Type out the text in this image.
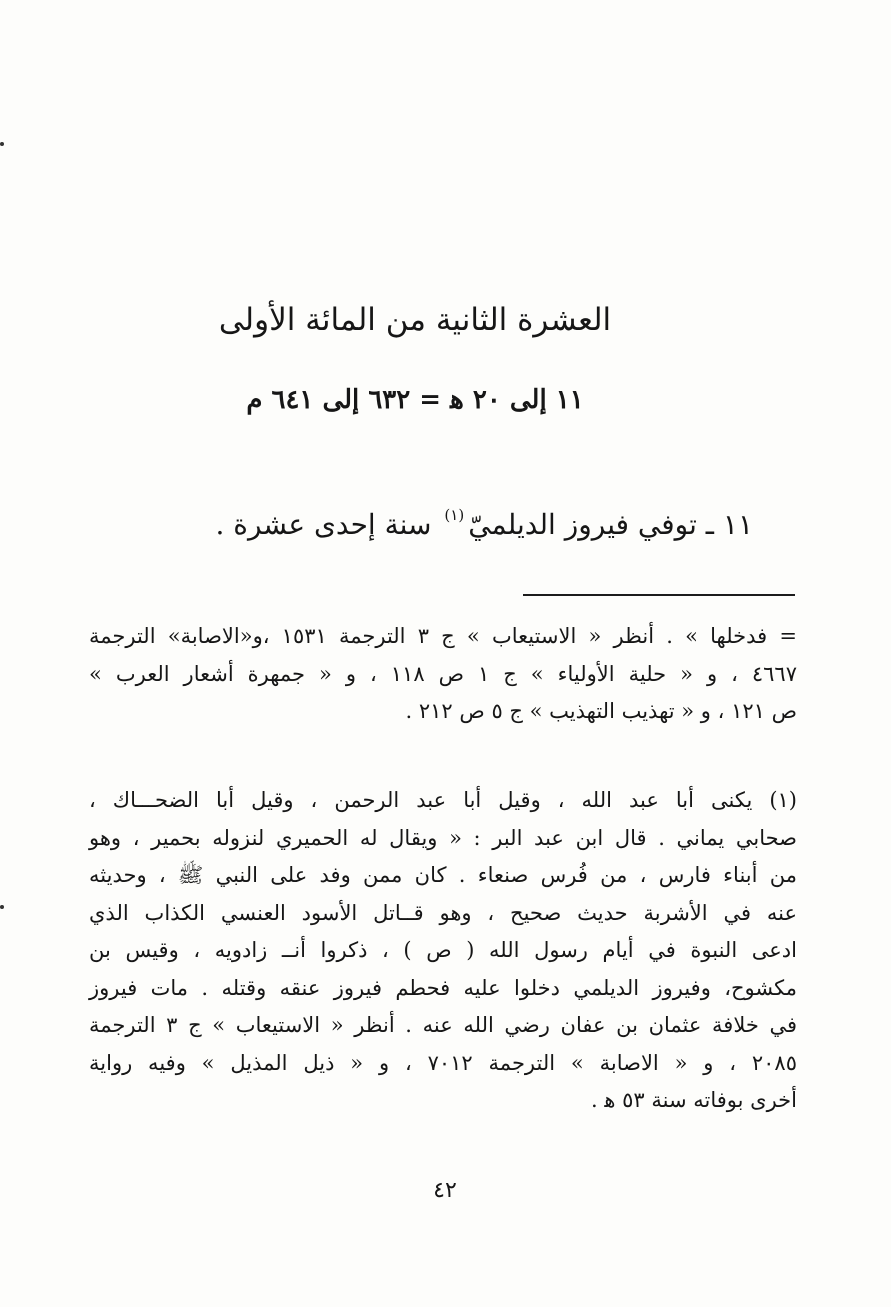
العشرة الثانية من المائة الأولى
١١ إلى ٢٠ ﻫ = ٦٣٢ إلى ٦٤١ م

١١ ـ توفي فيروز الديلميّ$^{(١)}$ سنة إحدى عشرة .

= فدخلها » . أنظر « الاستيعاب » ج ٣ الترجمة ١٥٣١ ،و«الاصابة» الترجمة
٤٦٦٧ ، و « حلية الأولياء » ج ١ ص ١١٨ ، و « جمهرة أشعار العرب »
ص ١٢١ ، و « تهذيب التهذيب » ج ٥ ص ٢١٢ .

(١) يكنى أبا عبد الله ، وقيل أبا عبد الرحمن ، وقيل أبا الضحـــاك ،
صحابي يماني . قال ابن عبد البر : « ويقال له الحميري لنزوله بحمير ، وهو
من أبناء فارس ، من فُرس صنعاء . كان ممن وفد على النبي ﷺ ، وحديثه
عنه في الأشربة حديث صحيح ، وهو قــاتل الأسود العنسي الكذاب الذي
ادعى النبوة في أيام رسول الله ( ص ) ، ذكروا أنــ زادويه ، وقيس بن
مكشوح، وفيروز الديلمي دخلوا عليه فحطم فيروز عنقه وقتله . مات فيروز
في خلافة عثمان بن عفان رضي الله عنه . أنظر « الاستيعاب » ج ٣ الترجمة
٢٠٨٥ ، و « الاصابة » الترجمة ٧٠١٢ ، و « ذيل المذيل » وفيه رواية
أخرى بوفاته سنة ٥٣ ﻫ .

٤٢
